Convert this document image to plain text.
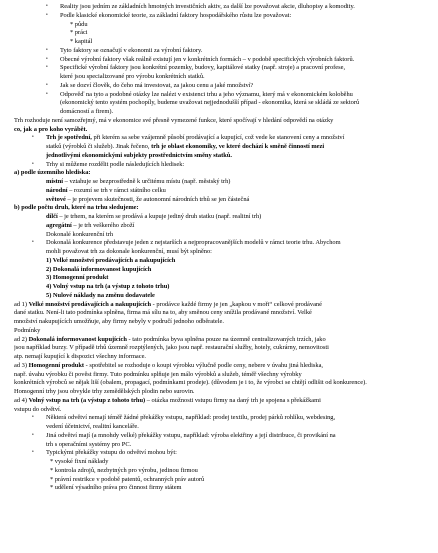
• Reality jsou jedním ze základních hmotných investičních aktiv, za další lze považovat akcie, dluhopisy a komodity.
• Podle klasické ekonomické teorie, za základní faktory hospodářského růstu lze považovat:
* půdu
* práci
* kapitál
• Tyto faktory se označují v ekonomii za výrobní faktory.
• Obecné výrobní faktory však reálně existují jen v konkrétních formách – v podobě specifických výrobních faktorů.
• Specifické výrobní faktory jsou konkrétní pozemky, budovy, kapitálové statky (např. stroje) a pracovní profese,
které jsou specializované pro výrobu konkrétních statků.
• Jak se dozví člověk, do čeho má investovat, za jakou cenu a jaké množství?
• Odpověď na tyto a podobné otázky lze nalézt v existenci trhu a jeho významu, který má v ekonomickém koloběhu
(ekonomický tento systém pochopíly, budeme uvažovat nejjednodušší případ - ekonomika, která se skládá ze sektorů
domácností a firem).
Trh rozhoduje není samozřejmý, má v ekonomice své přesně vymezené funkce, které spočívají v hledání odpovědí na otázky
co, jak a pro koho vyrábět.
• Trh je spotřední, při kterém sa sebe vzájemně působí prodávající a kupující, což vede ke stanovení ceny a množství
statků (výrobků či služeb). Jinak řečeno, trh je oblast ekonomiky, ve které dochází k směně činností mezi
jednotlivými ekonomickými subjekty prostřednictvím směny statků.
• Trhy si můžeme rozdělit podle následujících hledisek:
a) podle územního hlediska:
místní – vztahuje se bezprostředně k určitému místu (např. městský trh)
národní – rozumí se trh v rámci státního celku
světové – je projevem skutečnosti, že autonomní národních trhů se jen částečná
b) podle počtu druh, které na trhu sledujeme:
dílčí – je trhem, na kterém se prodává a kupuje jediný druh statku (např. realitní trh)
agregátní – je trh veškerého zboží
Dokonalé konkurenční trh
• Dokonalá konkurence představuje jeden z nejstarších a nejpropracovanějších modelů v rámci teorie trhu. Abychom
mohli považovat trh za dokonale konkurenční, musí být splněno:
1) Velké množství prodávajících a nakupujících
2) Dokonalá informovanost kupujících
3) Homogenní produkt
4) Volný vstup na trh (a výstup z tohoto trhu)
5) Nulové náklady na změnu dodavatele
ad 1) Velké množství prodávajících a nakupujících - prodávce každé firmy je jen „kapkou v moři“ celkové prodávané
dané statku. Není-li tato podmínka splněna, firma má sílu na to, aby směnou ceny snížila prodávané množství. Velké
množství nakupujících umožňuje, aby firmy nebyly v područí jednoho odběratele.
Podmínky
ad 2) Dokonalá informovanost kupujících - tato podmínka byva splněna pouze na územně centralizovaných trzích, jako
jsou například burzy. V případě trhů územně rozptýlených, jako jsou např. restaurační služby, hotely, cukrárny, nemovitosti
atp. nemají kupující k dispozici všechny informace.
ad 3) Homogenní produkt - spotřebitel se rozhoduje o koupi výrobku výlučně podle ceny, nebere v úvahu jiná hlediska,
např. úvahu výrobku či pověst firmy. Tuto podmínku splňuje jen málo výrobků a služeb, téměř všechny výrobky
konkrétních výrobců se nějak liší (obalem, propagací, podmínkami prodeje). (důvodem je i to, že výrobci se chtějí odlišit od konkurence).
Homogenní trhy jsou obvykle trhy zemědělských plodin nebo surovin.
ad 4) Volný vstup na trh (a výstup z tohoto trhu) – otázka možnosti vstupu firmy na daný trh je spojena s překážkami
vstupu do odvětví.
• Některá odvětví nemají téměř žádné překážky vstupu, například: prodej textilu, prodej párků rohlíku, webdesing,
vedení účetnictví, realitní kanceláře.
• Jiná odvětví mají (a mnohdy velké) překážky vstupu, například: výroba elektřiny a její distribuce, či provikání na
trh s operačními systémy pro PC.
• Typickými překážky vstupu do odvětví mohou být:
* vysoké fixní náklady
* kontrola zdrojů, nezbytných pro výrobu, jedinou firmou
* právní restrikce v podobě patentů, ochranných práv autorů
* udělení výsadního práva pro činnost firmy státem
